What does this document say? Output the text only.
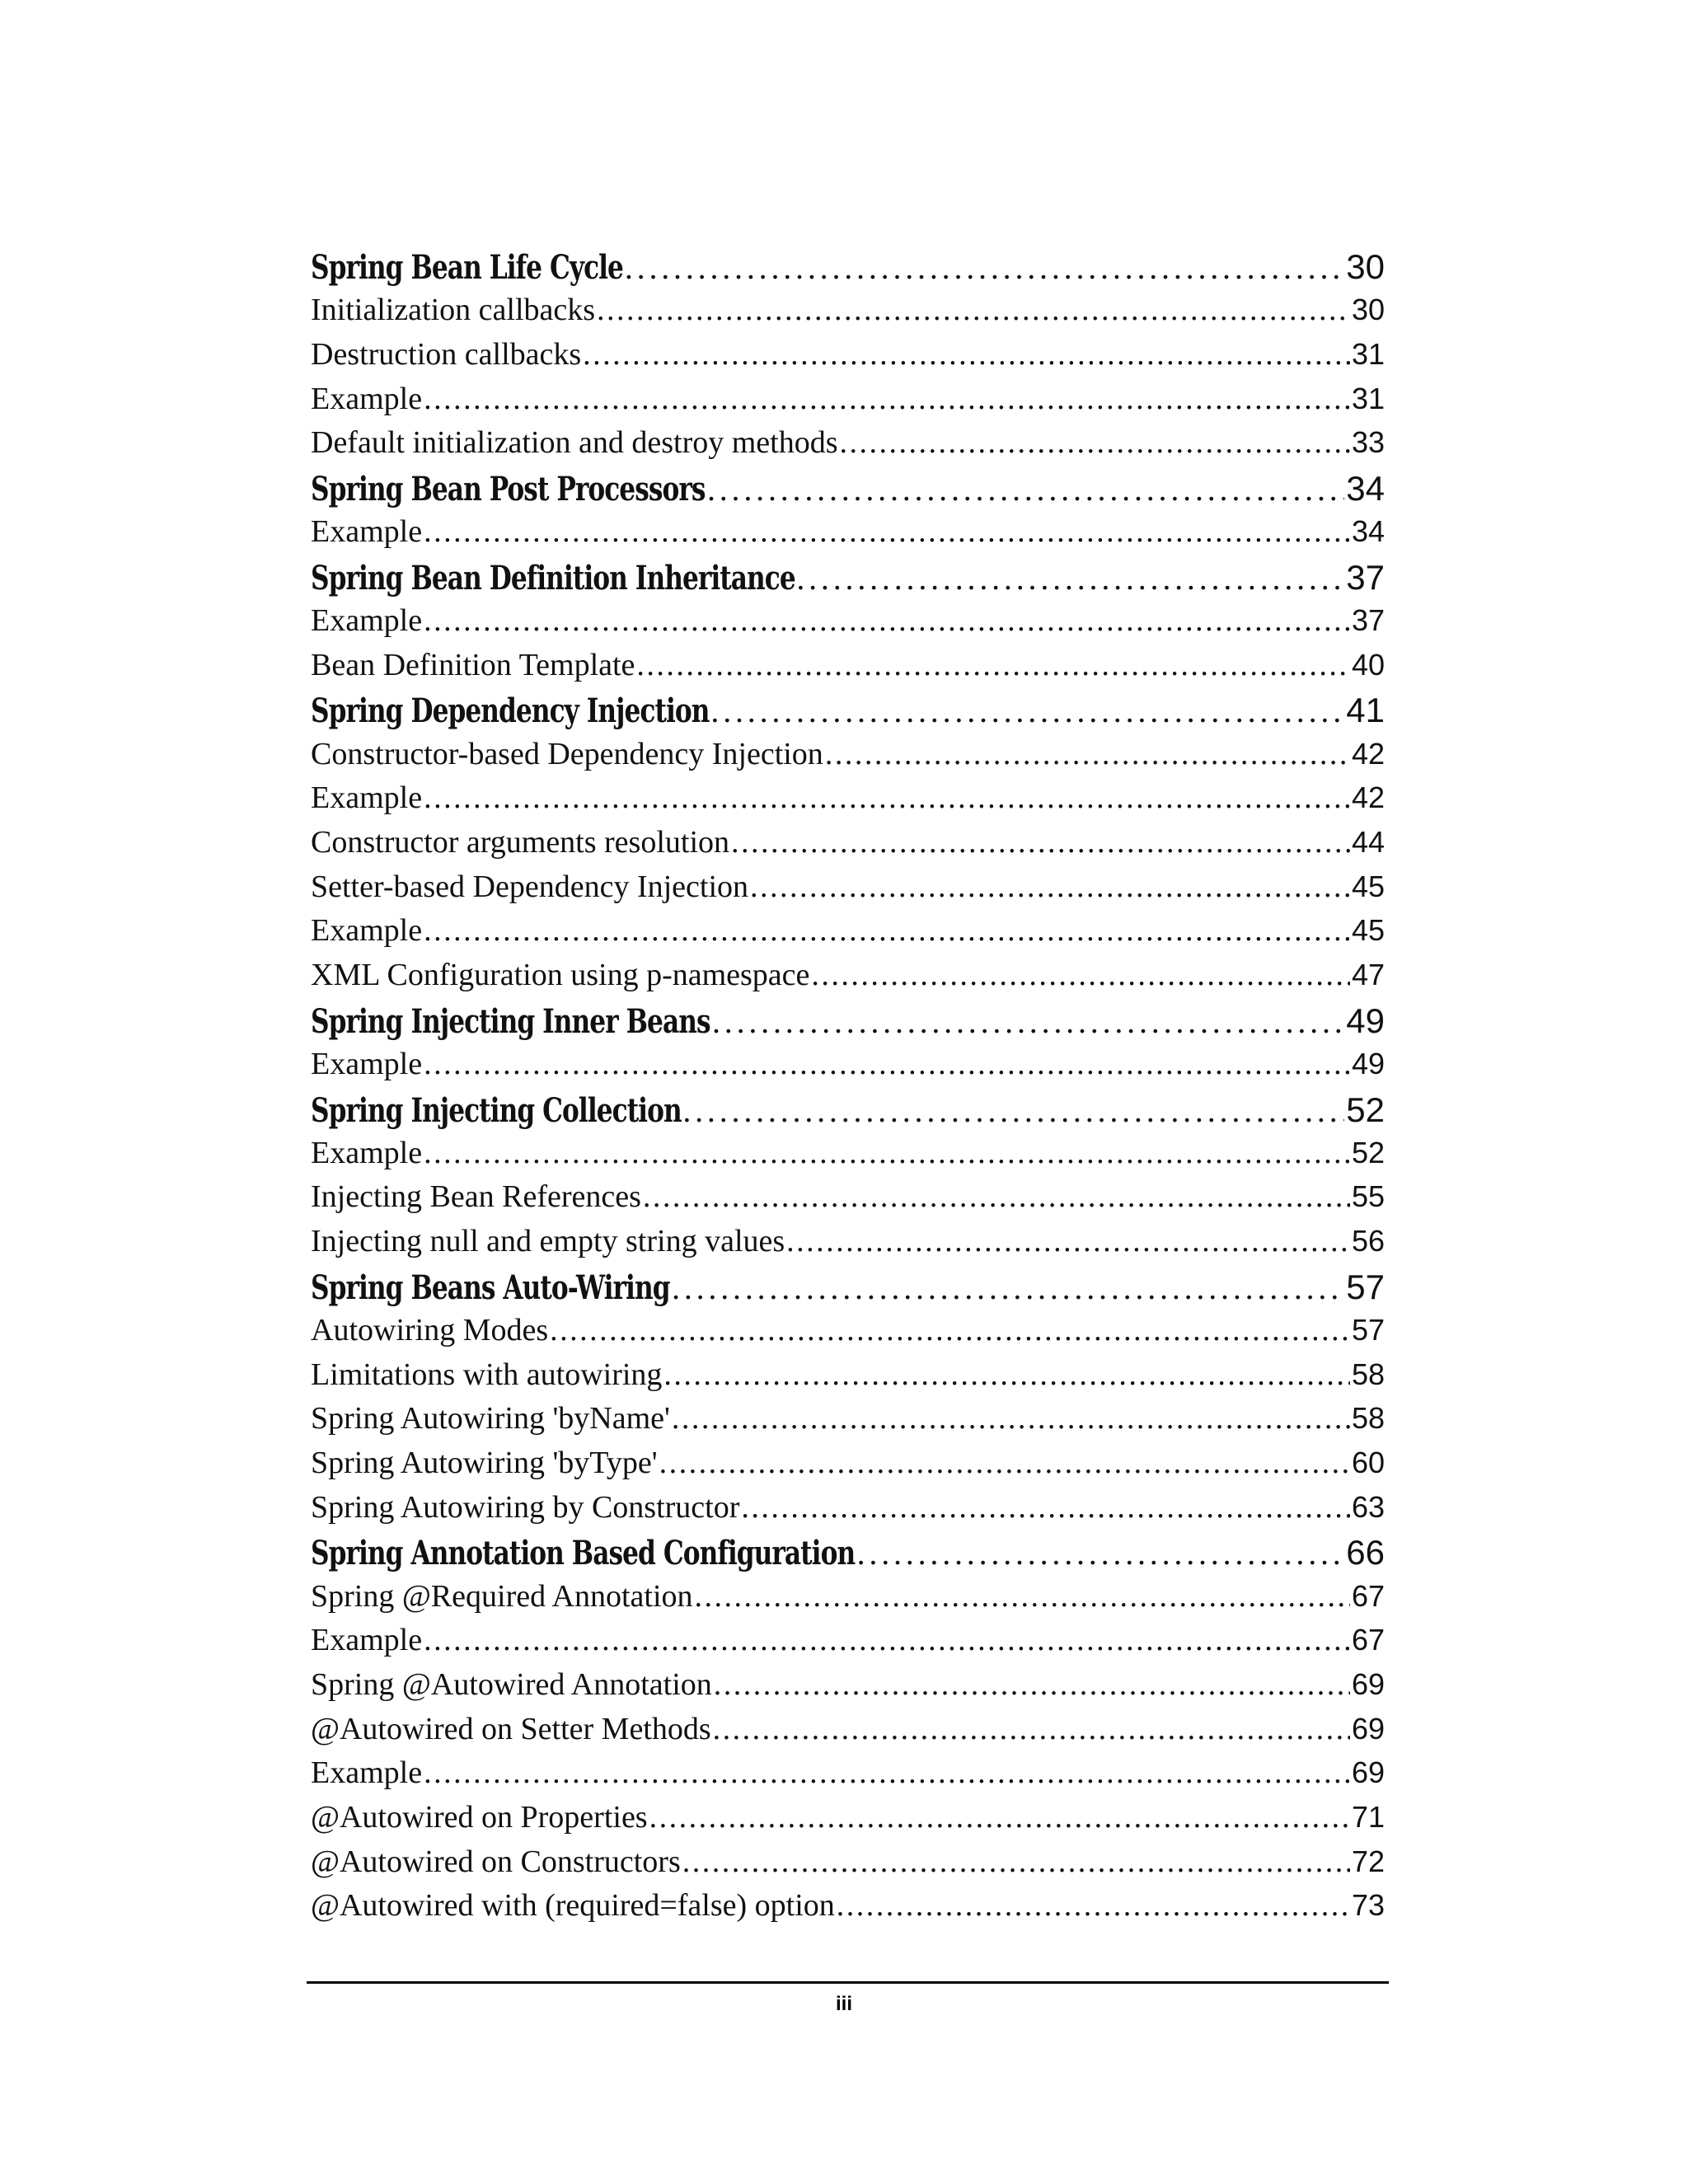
Spring Bean Life Cycle . . .	30
Initialization callbacks . . .	30
Destruction callbacks . . .	31
Example . . .	31
Default initialization and destroy methods . . .	33
Spring Bean Post Processors . . .	34
Example . . .	34
Spring Bean Definition Inheritance . . .	37
Example . . .	37
Bean Definition Template . . .	40
Spring Dependency Injection . . .	41
Constructor-based Dependency Injection . . .	42
Example . . .	42
Constructor arguments resolution . . .	44
Setter-based Dependency Injection . . .	45
Example . . .	45
XML Configuration using p-namespace . . .	47
Spring Injecting Inner Beans . . .	49
Example . . .	49
Spring Injecting Collection . . .	52
Example . . .	52
Injecting Bean References . . .	55
Injecting null and empty string values . . .	56
Spring Beans Auto-Wiring . . .	57
Autowiring Modes . . .	57
Limitations with autowiring . . .	58
Spring Autowiring 'byName' . . .	58
Spring Autowiring 'byType' . . .	60
Spring Autowiring by Constructor . . .	63
Spring Annotation Based Configuration . . .	66
Spring @Required Annotation . . .	67
Example . . .	67
Spring @Autowired Annotation . . .	69
@Autowired on Setter Methods . . .	69
Example . . .	69
@Autowired on Properties . . .	71
@Autowired on Constructors . . .	72
@Autowired with (required=false) option . . .	73
iii
